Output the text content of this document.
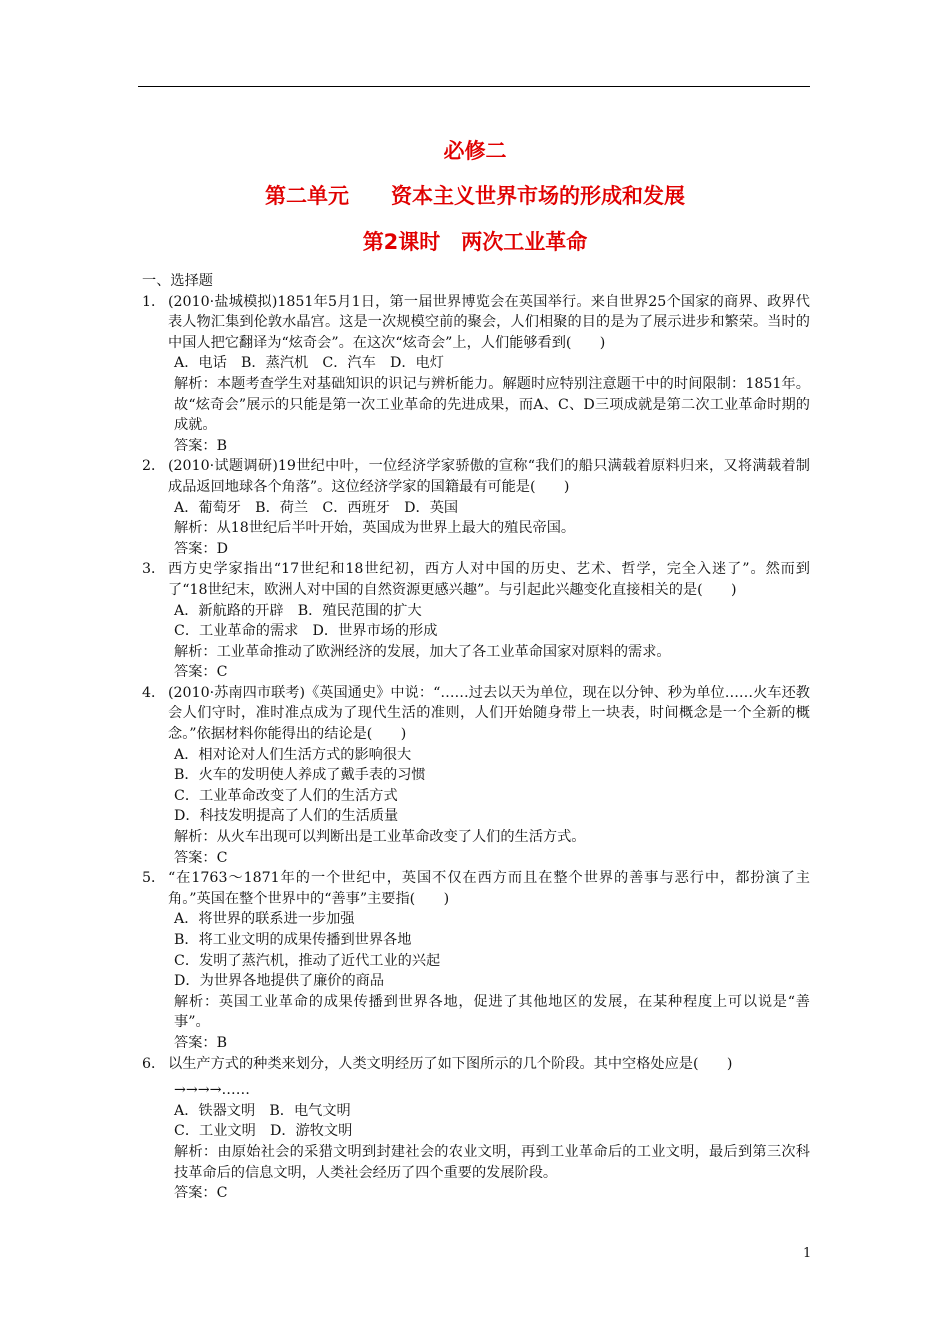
必修二
第二单元　　资本主义世界市场的形成和发展
第2课时　两次工业革命
一、选择题
1． (2010·盐城模拟)1851年5月1日，第一届世界博览会在英国举行。来自世界25个国家的商界、政界代表人物汇集到伦敦水晶宫。这是一次规模空前的聚会，人们相聚的目的是为了展示进步和繁荣。当时的中国人把它翻译为“炫奇会”。在这次“炫奇会”上，人们能够看到(　　)
A．电话　B．蒸汽机　C．汽车　D．电灯
解析：本题考查学生对基础知识的识记与辨析能力。解题时应特别注意题干中的时间限制：1851年。故“炫奇会”展示的只能是第一次工业革命的先进成果，而A、C、D三项成就是第二次工业革命时期的成就。
答案：B
2． (2010·试题调研)19世纪中叶，一位经济学家骄傲的宣称“我们的船只满载着原料归来，又将满载着制成品返回地球各个角落”。这位经济学家的国籍最有可能是(　　)
A．葡萄牙　B．荷兰　C．西班牙　D．英国
解析：从18世纪后半叶开始，英国成为世界上最大的殖民帝国。
答案：D
3． 西方史学家指出“17世纪和18世纪初，西方人对中国的历史、艺术、哲学，完全入迷了”。然而到了“18世纪末，欧洲人对中国的自然资源更感兴趣”。与引起此兴趣变化直接相关的是(　　)
A．新航路的开辟　B．殖民范围的扩大
C．工业革命的需求　D．世界市场的形成
解析：工业革命推动了欧洲经济的发展，加大了各工业革命国家对原料的需求。
答案：C
4． (2010·苏南四市联考)《英国通史》中说：“……过去以天为单位，现在以分钟、秒为单位……火车还教会人们守时，准时准点成为了现代生活的准则，人们开始随身带上一块表，时间概念是一个全新的概念。”依据材料你能得出的结论是(　　)
A．相对论对人们生活方式的影响很大
B．火车的发明使人养成了戴手表的习惯
C．工业革命改变了人们的生活方式
D．科技发明提高了人们的生活质量
解析：从火车出现可以判断出是工业革命改变了人们的生活方式。
答案：C
5． “在1763～1871年的一个世纪中，英国不仅在西方而且在整个世界的善事与恶行中，都扮演了主角。”英国在整个世界中的“善事”主要指(　　)
A．将世界的联系进一步加强
B．将工业文明的成果传播到世界各地
C．发明了蒸汽机，推动了近代工业的兴起
D．为世界各地提供了廉价的商品
解析：英国工业革命的成果传播到世界各地，促进了其他地区的发展，在某种程度上可以说是“善事”。
答案：B
6． 以生产方式的种类来划分，人类文明经历了如下图所示的几个阶段。其中空格处应是(　　)
→→→→……
A．铁器文明　B．电气文明
C．工业文明　D．游牧文明
解析：由原始社会的采猎文明到封建社会的农业文明，再到工业革命后的工业文明，最后到第三次科技革命后的信息文明，人类社会经历了四个重要的发展阶段。
答案：C
1
